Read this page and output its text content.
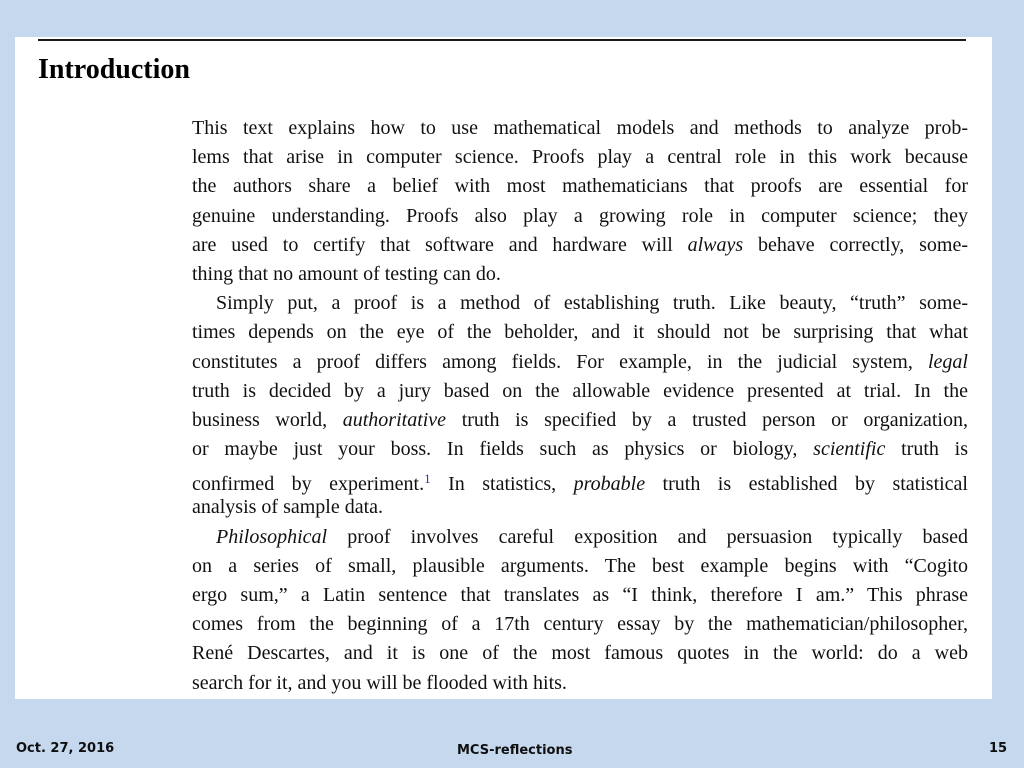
Introduction
This text explains how to use mathematical models and methods to analyze prob-
lems that arise in computer science. Proofs play a central role in this work because
the authors share a belief with most mathematicians that proofs are essential for
genuine understanding. Proofs also play a growing role in computer science; they
are used to certify that software and hardware will always behave correctly, some-
thing that no amount of testing can do.
Simply put, a proof is a method of establishing truth. Like beauty, “truth” some-
times depends on the eye of the beholder, and it should not be surprising that what
constitutes a proof differs among fields. For example, in the judicial system, legal
truth is decided by a jury based on the allowable evidence presented at trial. In the
business world, authoritative truth is specified by a trusted person or organization,
or maybe just your boss. In fields such as physics or biology, scientific truth is
confirmed by experiment.$^1$ In statistics, probable truth is established by statistical
analysis of sample data.
Philosophical proof involves careful exposition and persuasion typically based
on a series of small, plausible arguments. The best example begins with “Cogito
ergo sum,” a Latin sentence that translates as “I think, therefore I am.” This phrase
comes from the beginning of a 17th century essay by the mathematician/philosopher,
René Descartes, and it is one of the most famous quotes in the world: do a web
search for it, and you will be flooded with hits.
Oct. 27, 2016	MCS-reflections	15
